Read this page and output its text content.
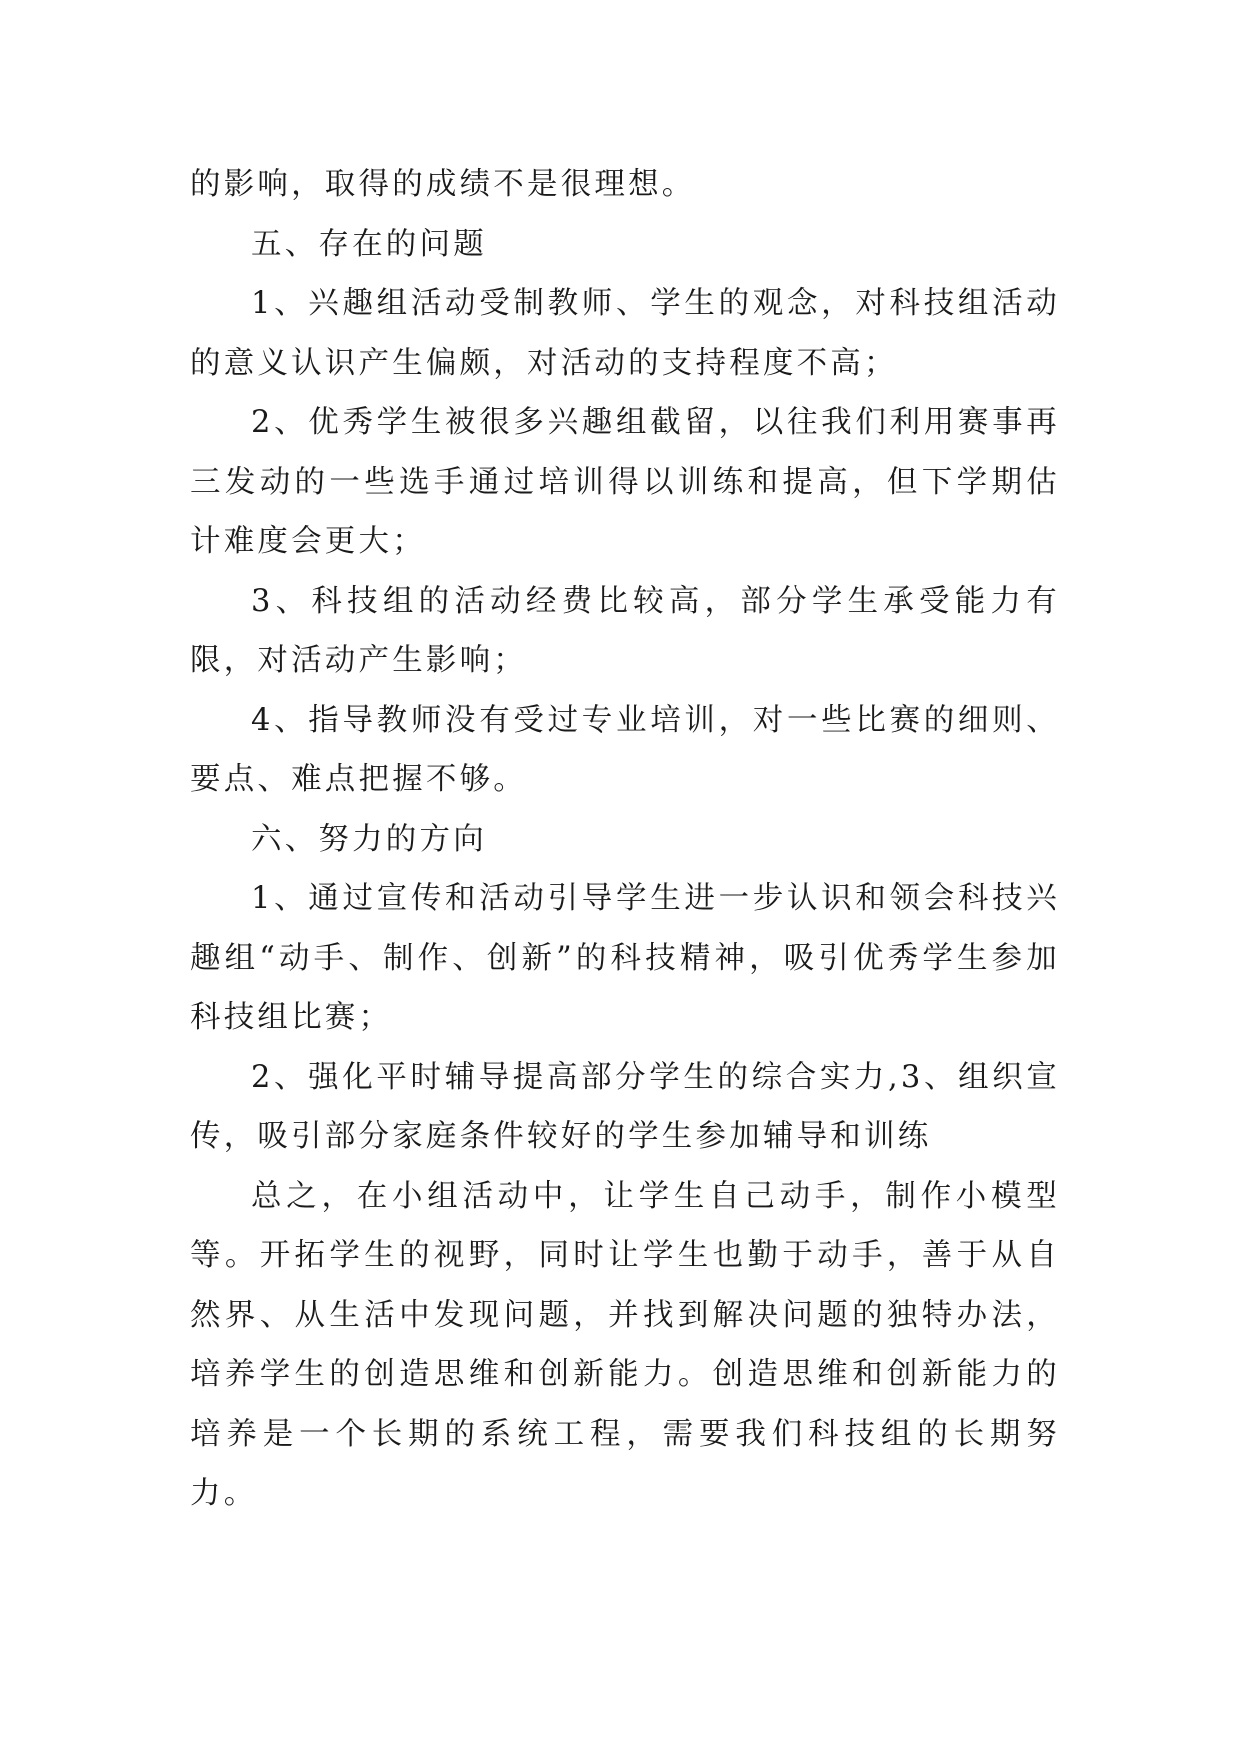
的影响，取得的成绩不是很理想。

五、存在的问题

1、兴趣组活动受制教师、学生的观念，对科技组活动的意义认识产生偏颇，对活动的支持程度不高；

2、优秀学生被很多兴趣组截留，以往我们利用赛事再三发动的一些选手通过培训得以训练和提高，但下学期估计难度会更大；

3、科技组的活动经费比较高，部分学生承受能力有限，对活动产生影响；

4、指导教师没有受过专业培训，对一些比赛的细则、要点、难点把握不够。

六、努力的方向

1、通过宣传和活动引导学生进一步认识和领会科技兴趣组“动手、制作、创新”的科技精神，吸引优秀学生参加科技组比赛；

2、强化平时辅导提高部分学生的综合实力,3、组织宣传，吸引部分家庭条件较好的学生参加辅导和训练

总之，在小组活动中，让学生自己动手，制作小模型等。开拓学生的视野，同时让学生也勤于动手，善于从自然界、从生活中发现问题，并找到解决问题的独特办法，培养学生的创造思维和创新能力。创造思维和创新能力的培养是一个长期的系统工程，需要我们科技组的长期努力。
